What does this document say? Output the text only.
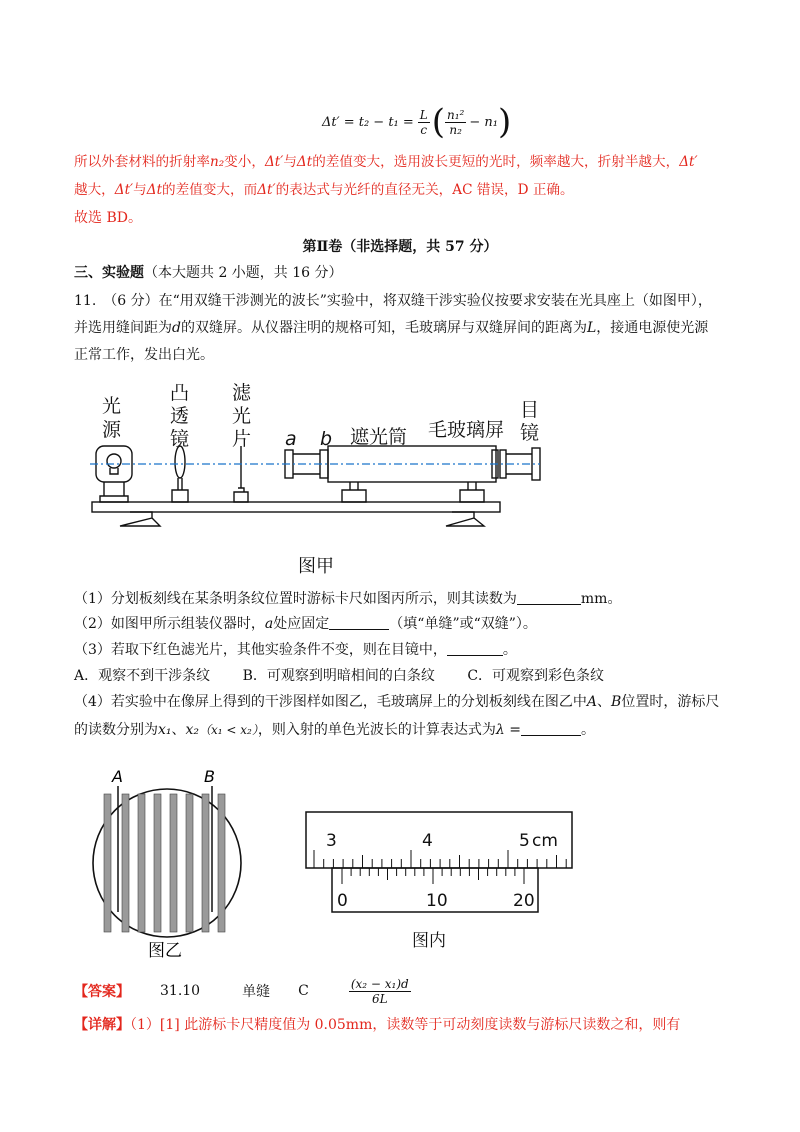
$\Delta t' = t_2 - t_1 = \frac{L}{c}$ ( $\frac{\text{n₁²}}{\text{n₂}} - n_1$ )
所以外套材料的折射率n₂变小，Δt′与Δt的差值变大，选用波长更短的光时，频率越大，折射半越大，Δt′
越大，Δt′与Δt的差值变大，而Δt′的表达式与光纤的直径无关，AC 错误，D 正确。
故选 BD。
第Ⅱ卷（非选择题，共 57 分）
三、实验题（本大题共 2 小题，共 16 分）
11.　（6 分）在“用双缝干涉测光的波长”实验中，将双缝干涉实验仪按要求安装在光具座上（如图甲），
并选用缝间距为d的双缝屏。从仪器注明的规格可知，毛玻璃屏与双缝屏间的距离为L，接通电源使光源
正常工作，发出白光。
光
源
凸
透
镜
滤
光
片 a b 遮光筒 毛玻璃屏
目
镜
图甲
（1）分划板刻线在某条明条纹位置时游标卡尺如图丙所示，则其读数为	mm。
（2）如图甲所示组装仪器时，a处应固定	（填“单缝”或“双缝”）。
（3）若取下红色滤光片，其他实验条件不变，则在目镜中，	。
A．观察不到干涉条纹 B．可观察到明暗相间的白条纹 C．可观察到彩色条纹
（4）若实验中在像屏上得到的干涉图样如图乙，毛玻璃屏上的分划板刻线在图乙中A、B位置时，游标尺
的读数分别为x₁、x₂（x₁ < x₂），则入射的单色光波长的计算表达式为λ =	。
A	B
图乙
3	4	5 cm
0	10	20
图内
【答案】 31.10	单缝 C	$\frac{\text{(x₂ − x₁)d}}{6L}$
【详解】（1）[1] 此游标卡尺精度值为 0.05mm，读数等于可动刻度读数与游标尺读数之和，则有
